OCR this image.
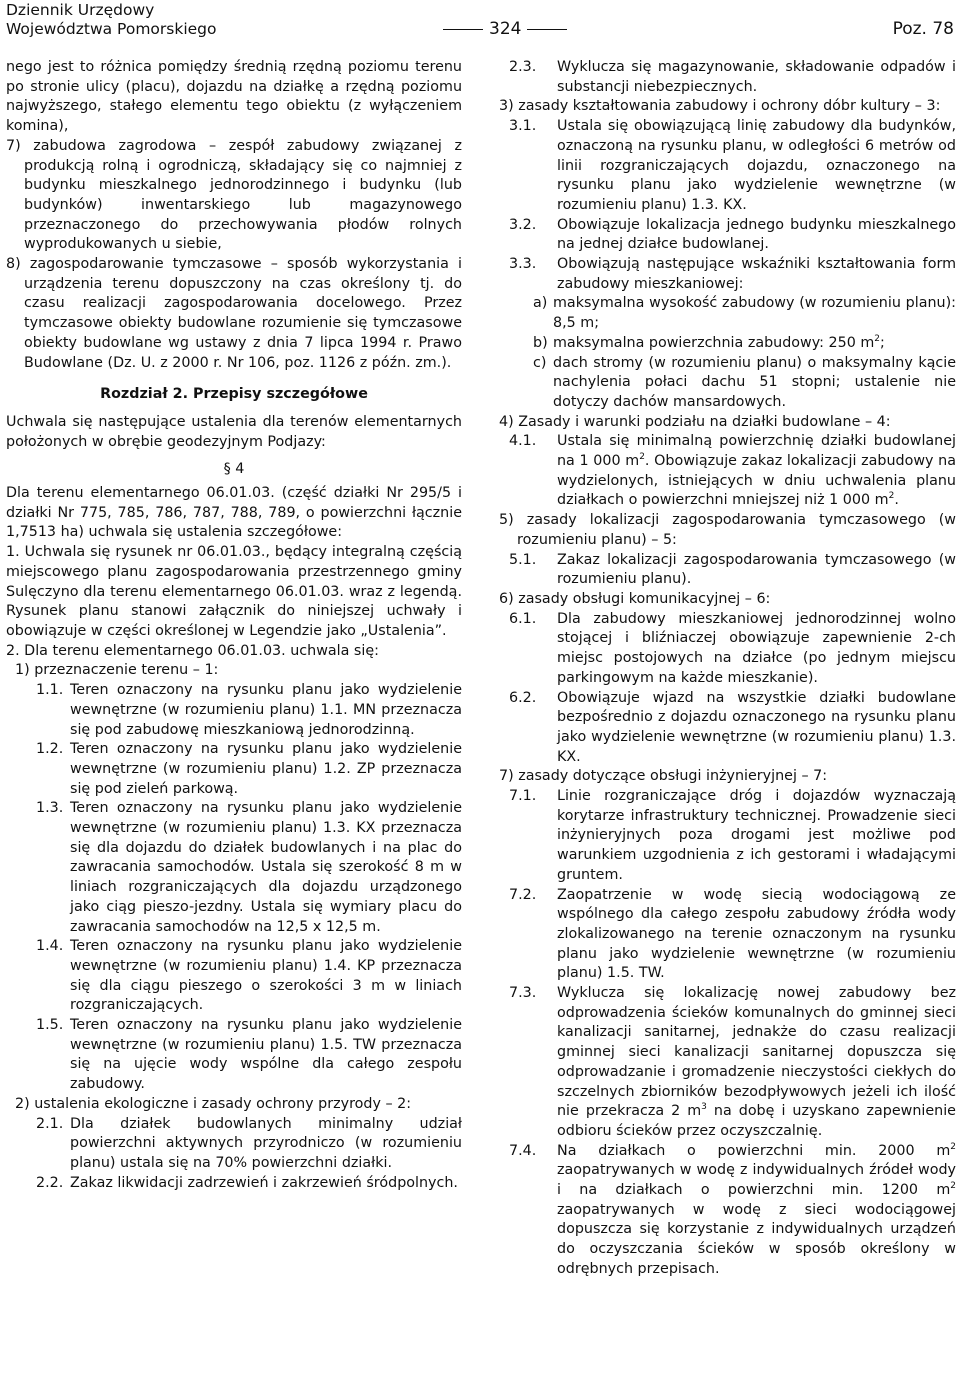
Dziennik Urzędowy
Województwa Pomorskiego	324	Poz. 78

nego jest to różnica pomiędzy średnią rzędną poziomu terenu po stronie ulicy (placu), dojazdu na działkę a rzędną poziomu najwyższego, stałego elementu tego obiektu (z wyłączeniem komina),

7) zabudowa zagrodowa – zespół zabudowy związanej z produkcją rolną i ogrodniczą, składający się co najmniej z budynku mieszkalnego jednorodzinnego i budynku (lub budynków) inwentarskiego lub magazynowego przeznaczonego do przechowywania płodów rolnych wyprodukowanych u siebie,

8) zagospodarowanie tymczasowe – sposób wykorzystania i urządzenia terenu dopuszczony na czas określony tj. do czasu realizacji zagospodarowania docelowego. Przez tymczasowe obiekty budowlane rozumienie się tymczasowe obiekty budowlane wg ustawy z dnia 7 lipca 1994 r. Prawo Budowlane (Dz. U. z 2000 r. Nr 106, poz. 1126 z późn. zm.).

Rozdział 2. Przepisy szczegółowe

Uchwala się następujące ustalenia dla terenów elementarnych położonych w obrębie geodezyjnym Podjazy:

§ 4

Dla terenu elementarnego 06.01.03. (część działki Nr 295/5 i działki Nr 775, 785, 786, 787, 788, 789, o powierzchni łącznie 1,7513 ha) uchwala się ustalenia szczegółowe:

1. Uchwala się rysunek nr 06.01.03., będący integralną częścią miejscowego planu zagospodarowania przestrzennego gminy Sulęczyno dla terenu elementarnego 06.01.03. wraz z legendą. Rysunek planu stanowi załącznik do niniejszej uchwały i obowiązuje w części określonej w Legendzie jako „Ustalenia”.

2. Dla terenu elementarnego 06.01.03. uchwala się:

1) przeznaczenie terenu – 1:

1.1. Teren oznaczony na rysunku planu jako wydzielenie wewnętrzne (w rozumieniu planu) 1.1. MN przeznacza się pod zabudowę mieszkaniową jednorodzinną.
1.2. Teren oznaczony na rysunku planu jako wydzielenie wewnętrzne (w rozumieniu planu) 1.2. ZP przeznacza się pod zieleń parkową.
1.3. Teren oznaczony na rysunku planu jako wydzielenie wewnętrzne (w rozumieniu planu) 1.3. KX przeznacza się dla dojazdu do działek budowlanych i na plac do zawracania samochodów. Ustala się szerokość 8 m w liniach rozgraniczających dla dojazdu urządzonego jako ciąg pieszo-jezdny. Ustala się wymiary placu do zawracania samochodów na 12,5 x 12,5 m.
1.4. Teren oznaczony na rysunku planu jako wydzielenie wewnętrzne (w rozumieniu planu) 1.4. KP przeznacza się dla ciągu pieszego o szerokości 3 m w liniach rozgraniczających.
1.5. Teren oznaczony na rysunku planu jako wydzielenie wewnętrzne (w rozumieniu planu) 1.5. TW przeznacza się na ujęcie wody wspólne dla całego zespołu zabudowy.

2) ustalenia ekologiczne i zasady ochrony przyrody – 2:

2.1. Dla działek budowlanych minimalny udział powierzchni aktywnych przyrodniczo (w rozumieniu planu) ustala się na 70% powierzchni działki.
2.2. Zakaz likwidacji zadrzewień i zakrzewień śródpolnych.
2.3.	Wyklucza się magazynowanie, składowanie odpadów i substancji niebezpiecznych.

3) zasady kształtowania zabudowy i ochrony dóbr kultury – 3:

3.1.	Ustala się obowiązującą linię zabudowy dla budynków, oznaczoną na rysunku planu, w odległości 6 metrów od linii rozgraniczających dojazdu, oznaczonego na rysunku planu jako wydzielenie wewnętrzne (w rozumieniu planu) 1.3. KX.
3.2.	Obowiązuje lokalizacja jednego budynku mieszkalnego na jednej działce budowlanej.
3.3.	Obowiązują następujące wskaźniki kształtowania form zabudowy mieszkaniowej:
a) maksymalna wysokość zabudowy (w rozumieniu planu): 8,5 m;
b) maksymalna powierzchnia zabudowy: 250 $m^2$;
c) dach stromy (w rozumieniu planu) o maksymalny kącie nachylenia połaci dachu 51 stopni; ustalenie nie dotyczy dachów mansardowych.

4) Zasady i warunki podziału na działki budowlane – 4:

4.1.	Ustala się minimalną powierzchnię działki budowlanej na 1 000 $m^2$. Obowiązuje zakaz lokalizacji zabudowy na wydzielonych, istniejących w dniu uchwalenia planu działkach o powierzchni mniejszej niż 1 000 $m^2$.

5) zasady lokalizacji zagospodarowania tymczasowego (w rozumieniu planu) – 5:

5.1.	Zakaz lokalizacji zagospodarowania tymczasowego (w rozumieniu planu).

6) zasady obsługi komunikacyjnej – 6:

6.1.	Dla zabudowy mieszkaniowej jednorodzinnej wolno stojącej i bliźniaczej obowiązuje zapewnienie 2-ch miejsc postojowych na działce (po jednym miejscu parkingowym na każde mieszkanie).
6.2.	Obowiązuje wjazd na wszystkie działki budowlane bezpośrednio z dojazdu oznaczonego na rysunku planu jako wydzielenie wewnętrzne (w rozumieniu planu) 1.3. KX.

7) zasady dotyczące obsługi inżynieryjnej – 7:

7.1.	Linie rozgraniczające dróg i dojazdów wyznaczają korytarze infrastruktury technicznej. Prowadzenie sieci inżynieryjnych poza drogami jest możliwe pod warunkiem uzgodnienia z ich gestorami i władającymi gruntem.
7.2.	Zaopatrzenie w wodę siecią wodociągową ze wspólnego dla całego zespołu zabudowy źródła wody zlokalizowanego na terenie oznaczonym na rysunku planu jako wydzielenie wewnętrzne (w rozumieniu planu) 1.5. TW.
7.3.	Wyklucza się lokalizację nowej zabudowy bez odprowadzenia ścieków komunalnych do gminnej sieci kanalizacji sanitarnej, jednakże do czasu realizacji gminnej sieci kanalizacji sanitarnej dopuszcza się odprowadzanie i gromadzenie nieczystości ciekłych do szczelnych zbiorników bezodpływowych jeżeli ich ilość nie przekracza 2 $m^3$ na dobę i uzyskano zapewnienie odbioru ścieków przez oczyszczalnię.
7.4.	Na działkach o powierzchni min. 2000 $m^2$ zaopatrywanych w wodę z indywidualnych źródeł wody i na działkach o powierzchni min. 1200 $m^2$ zaopatrywanych w wodę z sieci wodociągowej dopuszcza się korzystanie z indywidualnych urządzeń do oczyszczania ścieków w sposób określony w odrębnych przepisach.
